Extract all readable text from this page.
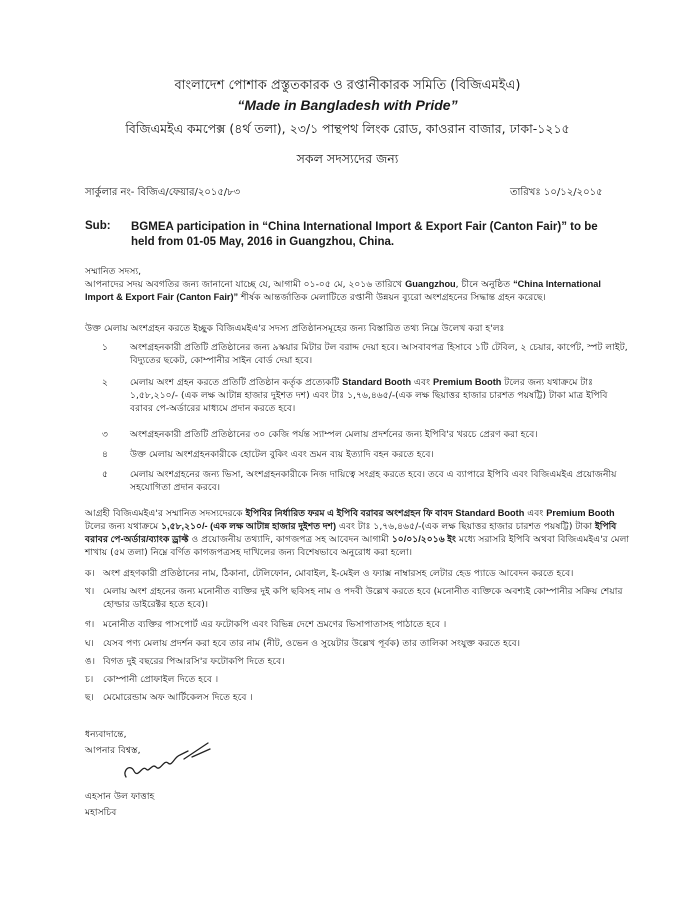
বাংলাদেশ পোশাক প্রস্তুতকারক ও রপ্তানীকারক সমিতি (বিজিএমইএ)
“Made in Bangladesh with Pride”
বিজিএমইএ কমপেক্স (৪র্থ তলা), ২৩/১ পান্থপথ লিংক রোড, কাওরান বাজার, ঢাকা-১২১৫
সকল সদস্যদের জন্য
সার্কুলার নং- বিজিএ/ফেয়ার/২০১৫/৮৩	তারিখঃ ১০/১২/২০১৫
Sub: BGMEA participation in “China International Import & Export Fair (Canton Fair)” to be held from 01-05 May, 2016 in Guangzhou, China.
সম্মানিত সদস্য,
আপনাদের সদয় অবগতির জন্য জানানো যাচ্ছে যে, আগামী ০১-০৫ মে, ২০১৬ তারিখে Guangzhou, চীনে অনুষ্ঠিত “China International Import & Export Fair (Canton Fair)” শীর্ষক আন্তর্জাতিক মেলাটিতে রপ্তানী উন্নয়ন ব্যুরো অংশগ্রহনের সিদ্ধান্ত গ্রহন করেছে।
উক্ত মেলায় অংশগ্রহন করতে ইচ্ছুক বিজিএমইএ'র সদস্য প্রতিষ্ঠানসমূহের জন্য বিস্তারিত তথ্য নিম্নে উলেখ করা হ'লঃ
১ অংশগ্রহনকারী প্রতিটি প্রতিষ্ঠানের জন্য ৯স্কয়ার মিটার টল বরাদ্দ দেয়া হবে। আসবাবপত্র হিসাবে ১টি টেবিল, ২ চেয়ার, কার্পেট, স্পট লাইট, বিদ্যুতের ছকেট, কোম্পানীর সাইন বোর্ড দেয়া হবে।
২ মেলায় অংশ গ্রহন করতে প্রতিটি প্রতিষ্ঠান কর্তৃক প্রত্যেকটি Standard Booth এবং Premium Booth টলের জন্য যথাক্রমে টাঃ ১,৫৮,২১০/- (এক লক্ষ আটান্ন হাজার দুইশত দশ) এবং টাঃ ১,৭৬,৪৬৫/-(এক লক্ষ ছিয়াত্তর হাজার চারশত পয়ষট্টি) টাকা মাত্র ইপিবি বরাবর পে-অর্ডারের মাধ্যমে প্রদান করতে হবে।
৩ অংশগ্রহনকারী প্রতিটি প্রতিষ্ঠানের ৩০ কেজি পর্যন্ত স্যাম্পল মেলায় প্রদর্শনের জন্য ইপিবি'র খরচে প্রেরণ করা হবে।
৪ উক্ত মেলায় অংশগ্রহনকারীকে হোটেল বুকিং এবং ভ্রমন ব্যয় ইত্যাদি বহন করতে হবে।
৫ মেলায় অংশগ্রহনের জন্য ভিসা, অংশগ্রহনকারীকে নিজ দায়িত্বে সংগ্রহ করতে হবে। তবে এ ব্যাপারে ইপিবি এবং বিজিএমইএ প্রয়োজনীয় সহযোগিতা প্রদান করবে।
আগ্রহী বিজিএমইএ'র সম্মানিত সদস্যদেরকে ইপিবির নির্ধারিত ফরম এ ইপিবি বরাবর অংশগ্রহন ফি বাবদ Standard Booth এবং Premium Booth টলের জন্য যথাক্রমে ১,৫৮,২১০/- (এক লক্ষ আটান্ন হাজার দুইশত দশ) এবং টাঃ ১,৭৬,৪৬৫/-(এক লক্ষ ছিয়াত্তর হাজার চারশত পয়ষট্টি) টাকা ইপিবি বরাবর পে-অর্ডার/ব্যাংক ড্রাফ্ট ও প্রয়োজনীয় তথ্যাদি, কাগজপত্র সহ আবেদন আগামী ১০/০১/২০১৬ ইং মধ্যে সরাসরি ইপিবি অথবা বিজিএমইএ'র মেলা শাখায় (৫ম তলা) নিম্নে বর্ণিত কাগজপত্রসহ দাখিলের জন্য বিশেষভাবে অনুরোধ করা হলো।
ক। অংশ গ্রহণকারী প্রতিষ্ঠানের নাম, ঠিকানা, টেলিফোন, মোবাইল, ই-মেইল ও ফ্যাক্স নাম্বারসহ লেটার হেড প্যাডে আবেদন করতে হবে।
খ। মেলায় অংশ গ্রহনের জন্য মনোনীত ব্যক্তির দুই কপি ছবিসহ নাম ও পদবী উল্লেখ করতে হবে (মনোনীত ব্যক্তিকে অবশ্যই কোম্পানীর সক্রিয় শেয়ার হোল্ডার ডাইরেক্টর হতে হবে)।
গ। মনোনীত ব্যক্তির পাসপোর্ট এর ফটোকপি এবং বিভিন্ন দেশে ভ্রমণের ভিসাপাতাসহ পাঠাতে হবে ।
ঘ। যেসব পণ্য মেলায় প্রদর্শন করা হবে তার নাম (নীট, ওভেন ও সুয়েটার উল্লেখ পূর্বক) তার তালিকা সংযুক্ত করতে হবে।
ঙ। বিগত দুই বছরের পিআরসি'র ফটোকপি দিতে হবে।
চ। কোম্পানী প্রোফাইল দিতে হবে ।
ছ। মেমোরেন্ডাম অফ আর্টিকেলস দিতে হবে ।
ধন্যবাদান্তে,
আপনার বিশ্বস্ত,
এহসান উল ফাত্তাহ
মহাসচিব
